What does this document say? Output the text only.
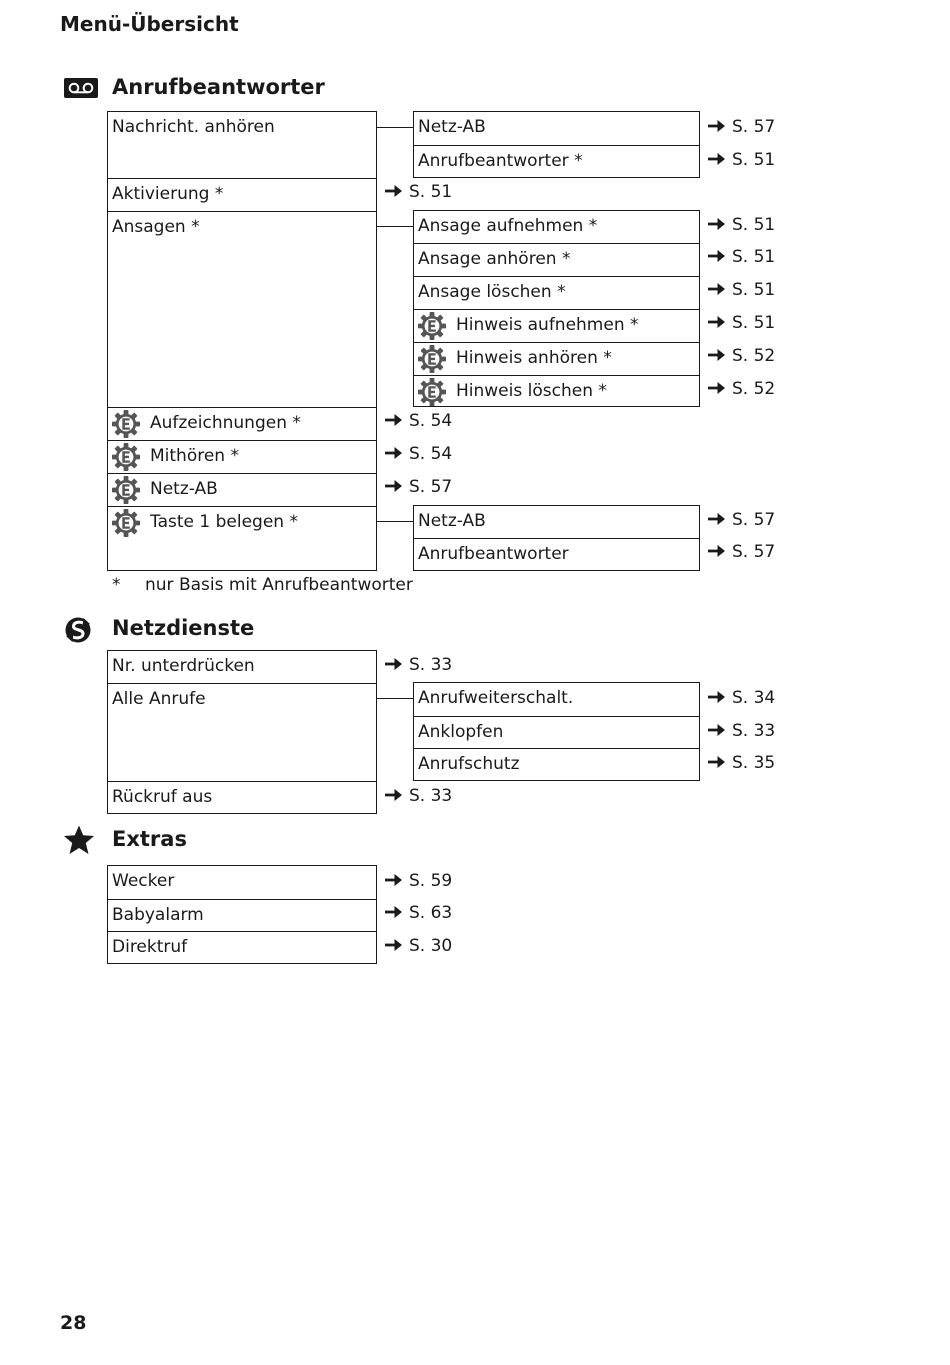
Menü-Übersicht
Anrufbeantworter
Nachricht. anhören
Aktivierung *
Ansagen *
Aufzeichnungen *
Mithören *
Netz-AB
Taste 1 belegen *
S. 51
S. 54
S. 54
S. 57
Netz-AB
Anrufbeantworter *
S. 57
S. 51
Ansage aufnehmen *
Ansage anhören *
Ansage löschen *
Hinweis aufnehmen *
Hinweis anhören *
Hinweis löschen *
S. 51
S. 51
S. 51
S. 51
S. 52
S. 52
Netz-AB
Anrufbeantworter
S. 57
S. 57
* nur Basis mit Anrufbeantworter
Netzdienste
Nr. unterdrücken
Alle Anrufe
Rückruf aus
S. 33
S. 33
Anrufweiterschalt.
Anklopfen
Anrufschutz
S. 34
S. 33
S. 35
Extras
Wecker
Babyalarm
Direktruf
S. 59
S. 63
S. 30
28
